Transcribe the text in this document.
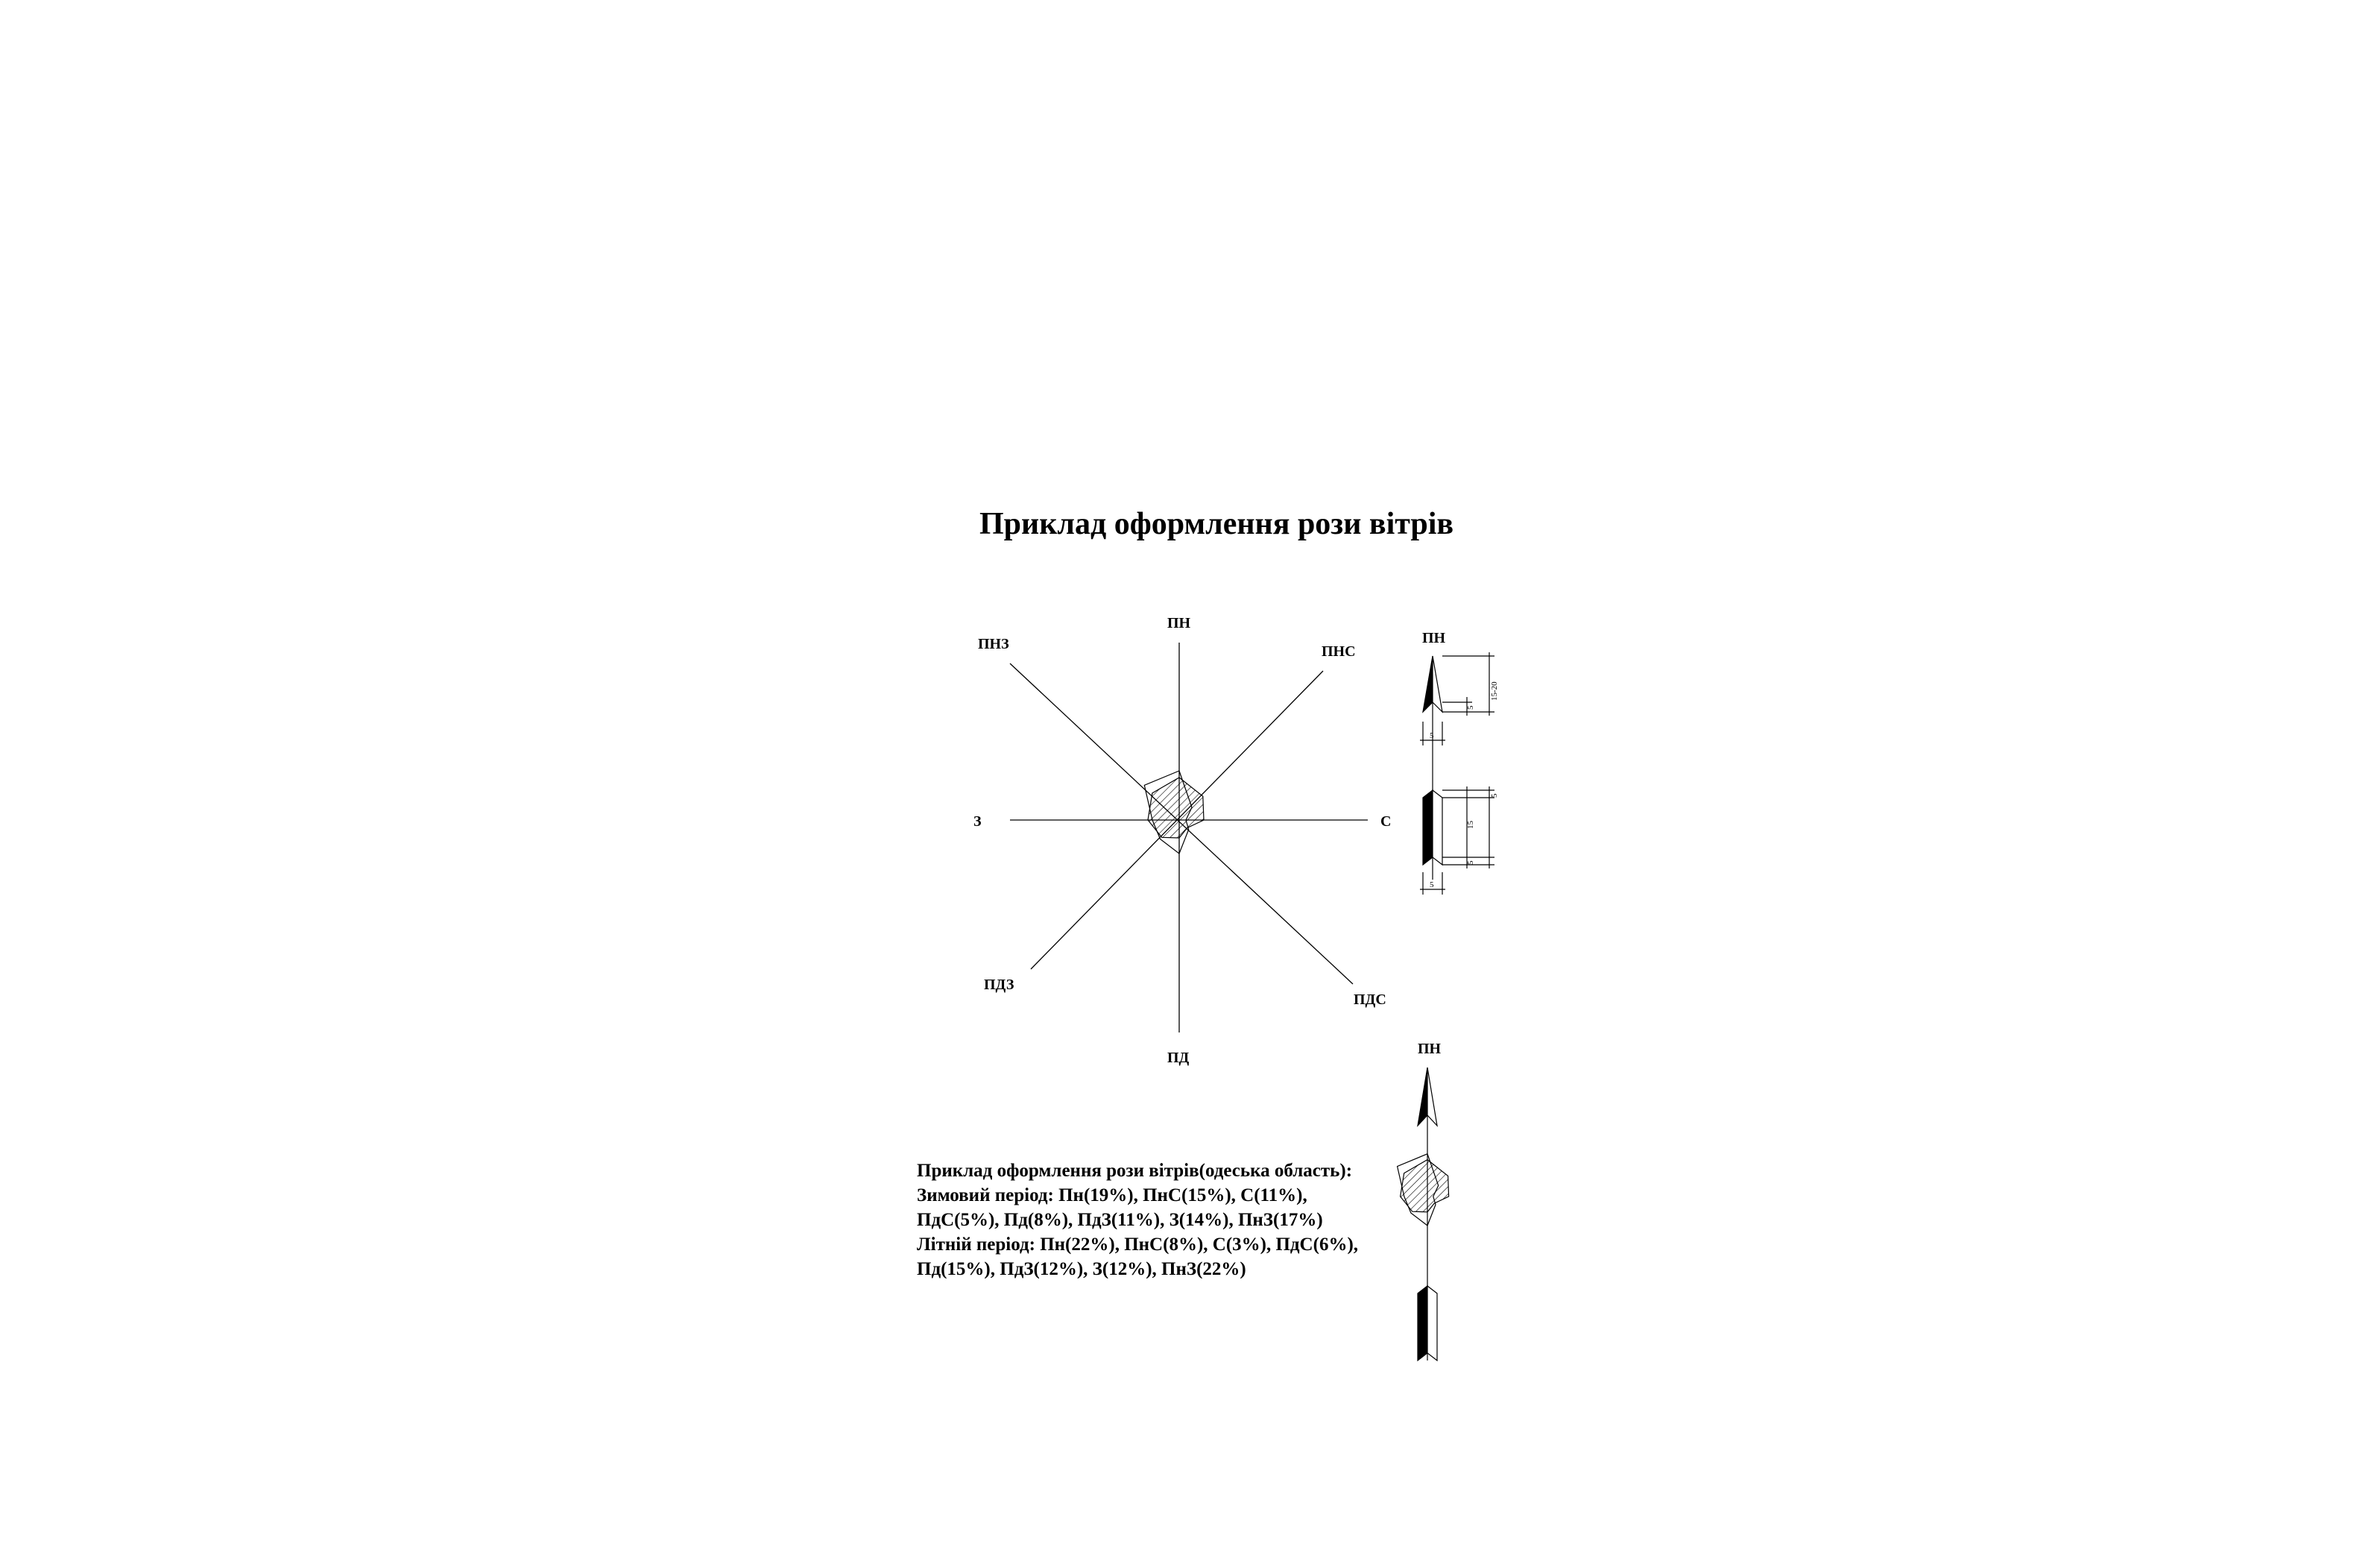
Приклад оформлення рози вітрів
ПН
ПНС
С
ПДС
ПД
ПДЗ
З
ПНЗ	ПН
15-20
5
5
5
15
5
5
ПН
Приклад оформлення рози вітрів(одеська область):
Зимовий період: Пн(19%), ПнС(15%), С(11%),
ПдС(5%), Пд(8%), ПдЗ(11%), З(14%), ПнЗ(17%)
Літній період: Пн(22%), ПнС(8%), С(3%), ПдС(6%),
Пд(15%), ПдЗ(12%), З(12%), ПнЗ(22%)
